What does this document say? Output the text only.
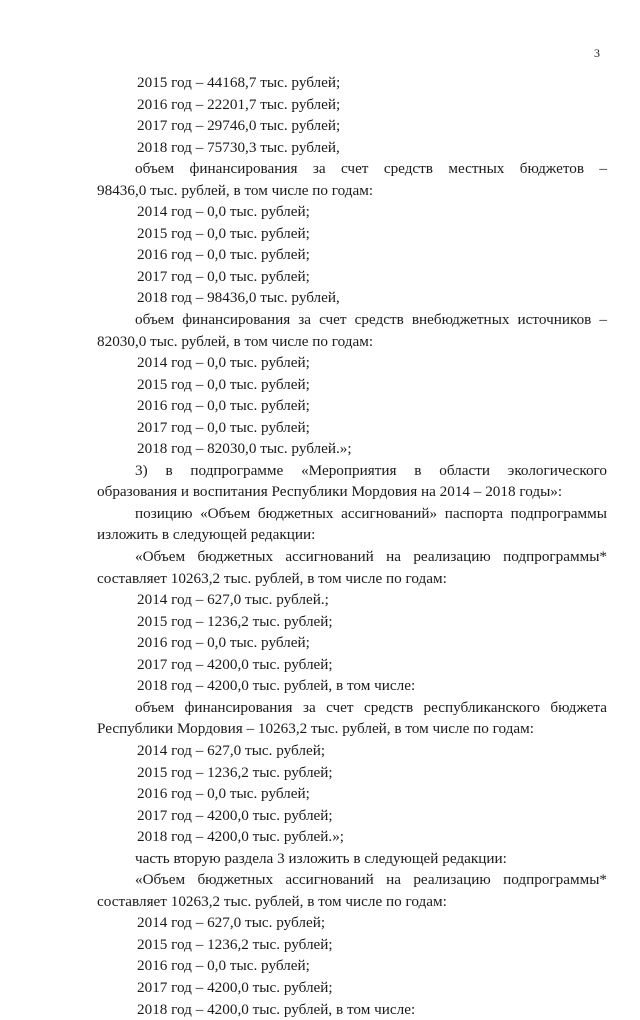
3
2015 год – 44168,7 тыс. рублей;
2016 год – 22201,7 тыс. рублей;
2017 год – 29746,0 тыс. рублей;
2018 год – 75730,3 тыс. рублей,
объем финансирования за счет средств местных бюджетов –
98436,0 тыс. рублей, в том числе по годам:
2014 год – 0,0 тыс. рублей;
2015 год – 0,0 тыс. рублей;
2016 год – 0,0 тыс. рублей;
2017 год – 0,0 тыс. рублей;
2018 год – 98436,0 тыс. рублей,
объем финансирования за счет средств внебюджетных источников –
82030,0 тыс. рублей, в том числе по годам:
2014 год – 0,0 тыс. рублей;
2015 год – 0,0 тыс. рублей;
2016 год – 0,0 тыс. рублей;
2017 год – 0,0 тыс. рублей;
2018 год – 82030,0 тыс. рублей.»;
3) в подпрограмме «Мероприятия в области экологического
образования и воспитания Республики Мордовия на 2014 – 2018 годы»:
позицию «Объем бюджетных ассигнований» паспорта подпрограммы
изложить в следующей редакции:
«Объем бюджетных ассигнований на реализацию подпрограммы*
составляет 10263,2 тыс. рублей, в том числе по годам:
2014 год – 627,0 тыс. рублей.;
2015 год – 1236,2 тыс. рублей;
2016 год – 0,0 тыс. рублей;
2017 год – 4200,0 тыс. рублей;
2018 год – 4200,0 тыс. рублей, в том числе:
объем финансирования за счет средств республиканского бюджета
Республики Мордовия – 10263,2 тыс. рублей, в том числе по годам:
2014 год – 627,0 тыс. рублей;
2015 год – 1236,2 тыс. рублей;
2016 год – 0,0 тыс. рублей;
2017 год – 4200,0 тыс. рублей;
2018 год – 4200,0 тыс. рублей.»;
часть вторую раздела 3 изложить в следующей редакции:
«Объем бюджетных ассигнований на реализацию подпрограммы*
составляет 10263,2 тыс. рублей, в том числе по годам:
2014 год – 627,0 тыс. рублей;
2015 год – 1236,2 тыс. рублей;
2016 год – 0,0 тыс. рублей;
2017 год – 4200,0 тыс. рублей;
2018 год – 4200,0 тыс. рублей, в том числе:
